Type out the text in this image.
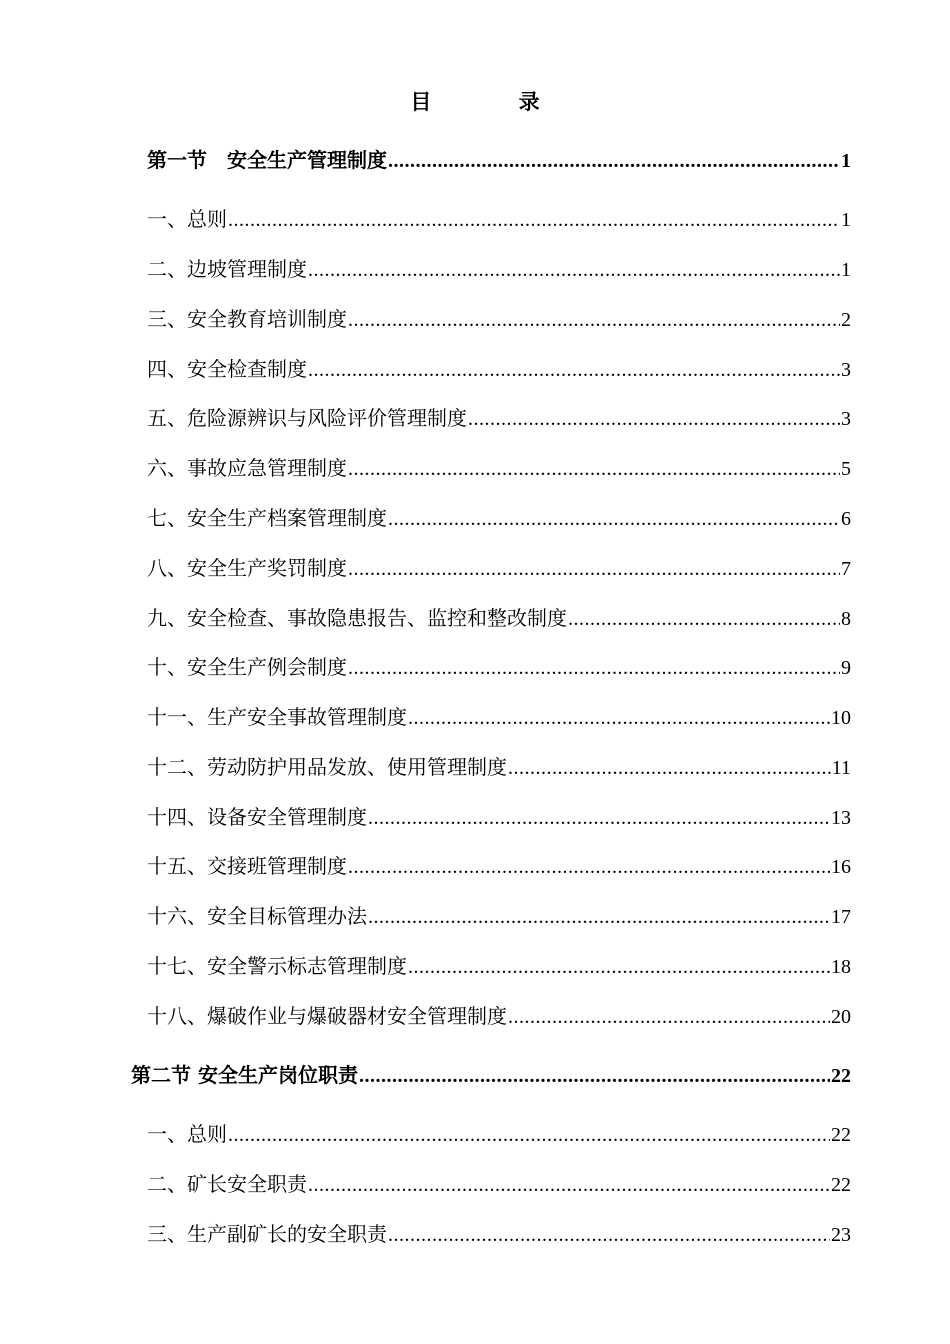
目 录
第一节　安全生产管理制度 .....	1
一、总则 .....	1
二、边坡管理制度 .....	1
三、安全教育培训制度 .....	2
四、安全检查制度 .....	3
五、危险源辨识与风险评价管理制度 .....	3
六、事故应急管理制度 .....	5
七、安全生产档案管理制度 .....	6
八、安全生产奖罚制度 .....	7
九、安全检查、事故隐患报告、监控和整改制度 .....	8
十、安全生产例会制度 .....	9
十一、生产安全事故管理制度 .....	10
十二、劳动防护用品发放、使用管理制度 .....	11
十四、设备安全管理制度 .....	13
十五、交接班管理制度 .....	16
十六、安全目标管理办法 .....	17
十七、安全警示标志管理制度 .....	18
十八、爆破作业与爆破器材安全管理制度 .....	20
第二节 安全生产岗位职责 .....	22
一、总则 .....	22
二、矿长安全职责 .....	22
三、生产副矿长的安全职责 .....	23
